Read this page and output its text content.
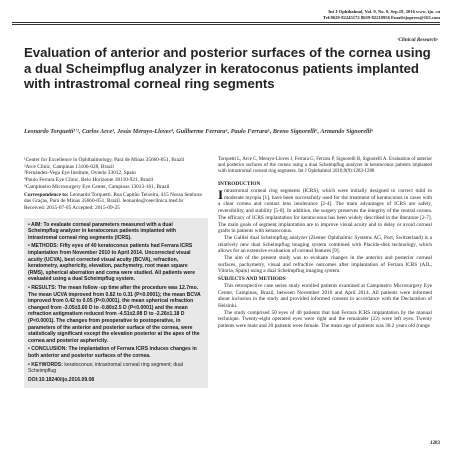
Int J Ophthalmol, Vol. 9, No. 9, Sep.18, 2016 www. ijo. cn
Tel:8629-82245172 8629-82210956 Email:ijopress@163.com
·Clinical Research·
Evaluation of anterior and posterior surfaces of the cornea using a dual Scheimpflug analyzer in keratoconus patients implanted with intrastromal corneal ring segments

Leonardo Torquetti¹'², Carlos Arce³, Jesús Merayo-Lloves⁴, Guilherme Ferrara⁵, Paulo Ferrara⁵, Breno Signorelli⁶, Armando Signorelli⁶

¹Center for Excellence in Ophthalmology, Pará de Minas 35660-051, Brazil

²Arce Clinic, Campinas 13106-028, Brazil

³Fernández-Vega Eye Institute, Oviedo 33012, Spain

⁴Paulo Ferrara Eye Clinic, Belo Horizonte 30110-921, Brazil

⁵Campineiro Microsurgery Eye Center, Campinas 13013-161, Brazil

Correspondence to: Leonardo Torquetti. Rua Capitão Teixeira, 415 Nossa Senhora das Graças, Pará de Minas 35660-051, Brazil. leonardo@ceeclinica.med.br

Received: 2015-07-05 Accepted: 2015-09-25

• AIM: To evaluate corneal parameters measured with a dual Scheimpflug analyzer in keratoconus patients implanted with intrastromal corneal ring segments (ICRS).

• METHODS: Fifty eyes of 40 keratoconus patients had Ferrara ICRS implantation from November 2010 to April 2014. Uncorrected visual acuity (UCVA), best corrected visual acuity (BCVA), refraction, keratometry, asphericity, elevation, pachymetry, root mean square (RMS), spherical aberration and coma were studied. All patients were evaluated using a dual Scheimpflug system.

• RESULTS: The mean follow -up time after the procedure was 12.7mo. The mean UCVA improved from 0.82 to 0.31 (P<0.0001); the mean BCVA improved from 0.42 to 0.05 (P<0.0001). the mean spherical refraction changed from -3.05±3.60 D to -0.80±2.5 D (P<0.0001) and the mean refraction astigmatism reduced from -4.51±2.08 D to -2.26±1.18 D (P<0.0001). The changes from preoperative to postoperative, in parameters of the anterior and posterior surface of the cornea, were statistically significant except the elevation posterior at the apex of the cornea and posterior asphericity.

• CONCLUSION: The implantation of Ferrara ICRS induces changes in both anterior and posterior surfaces of the cornea.

• KEYWORDS: keratoconus; intrastromal corneal ring segment; dual Scheimpflug

DOI:10.18240/ijo.2016.09.08

Torquetti L, Arce C, Merayo-Lloves J, Ferrara G, Ferrara P, Signorelli B, Signorelli A. Evaluation of anterior and posterior surfaces of the cornea using a dual Scheimpflug analyzer in keratoconus patients implanted with intrastromal corneal ring segments. Int J Ophthalmol 2016;9(9):1283-1288

INTRODUCTION

Intrastromal corneal ring segments (ICRS), which were initially designed to correct mild to moderate myopia [1], have been successfully used for the treatment of keratoconus in cases with a clear cornea and contact lens intolerance [2-4]. The main advantages of ICRS are safety, reversibility, and stability [5-8]. In addition, the surgery preserves the integrity of the central cornea. The efficacy of ICRS implantation for keratoconus has been widely described in the literature [2-7]. The main goals of segment implantation are to improve visual acuity and to delay or avoid corneal grafts in patients with keratoconus.

The Galilei dual Scheimpflug analyzer (Ziemer Ophthalmic Systems AG, Port, Switzerland) is a relatively new dual Scheimpflug imaging system combined with Placido-disk technology, which allows for an extensive evaluation of corneal features [9].

The aim of the present study was to evaluate changes in the anterior and posterior corneal surfaces, pachymetry, visual and refractive outcomes after implantation of Ferrara ICRS (AJL, Vitoria, Spain) using a dual Scheimpflug imaging system.

SUBJECTS AND METHODS

This retrospective case series study enrolled patients examined at Campineiro Microsurgery Eye Center, Campinas, Brazil, between November 2010 and April 2014. All patients were informed about inclusion in the study and provided informed consent in accordance with the Declaration of Helsinki.

The study comprised 50 eyes of 40 patients that had Ferrara ICRS implantation by the manual technique. Twenty-eight operated eyes were right and the remainder (22) were left eyes. Twenty patients were male and 20 patients were female. The mean age of patients was 30.2 years old (range

1283
